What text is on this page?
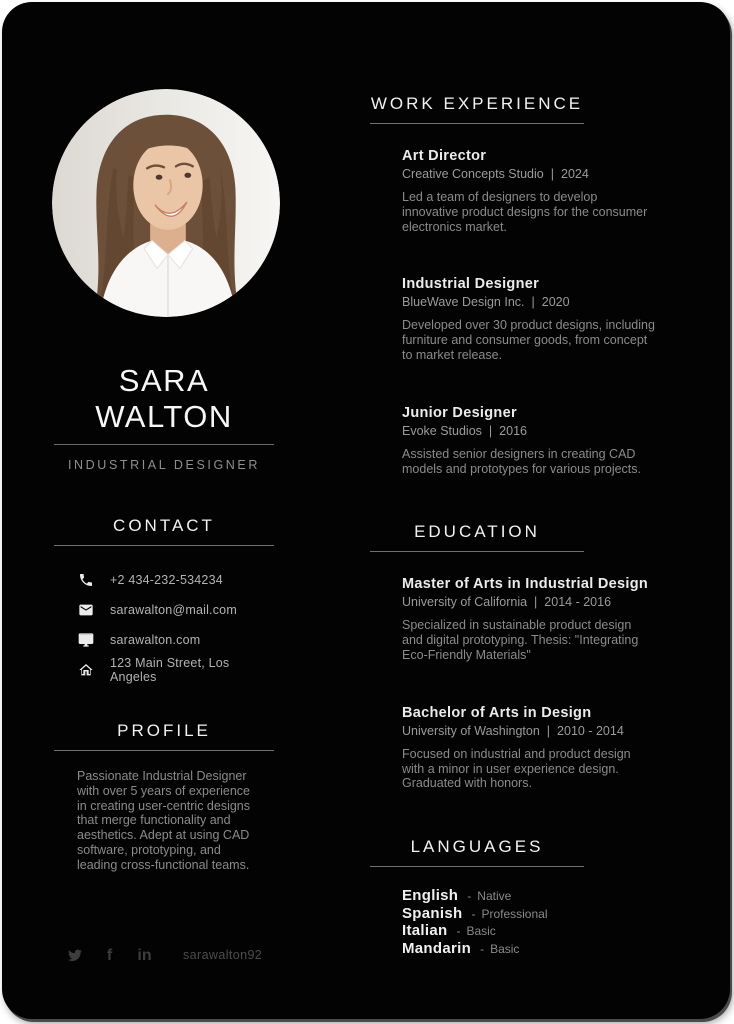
SARA
WALTON
INDUSTRIAL DESIGNER
CONTACT
+2 434-232-534234
sarawalton@mail.com
sarawalton.com
123 Main Street, Los Angeles
PROFILE
Passionate Industrial Designer with over 5 years of experience in creating user-centric designs that merge functionality and aesthetics. Adept at using CAD software, prototyping, and leading cross-functional teams.
f	in	sarawalton92
WORK EXPERIENCE
Art Director
Creative Concepts Studio | 2024
Led a team of designers to develop innovative product designs for the consumer electronics market.
Industrial Designer
BlueWave Design Inc. | 2020
Developed over 30 product designs, including furniture and consumer goods, from concept to market release.
Junior Designer
Evoke Studios | 2016
Assisted senior designers in creating CAD models and prototypes for various projects.
EDUCATION
Master of Arts in Industrial Design
University of California | 2014 - 2016
Specialized in sustainable product design and digital prototyping. Thesis: "Integrating Eco-Friendly Materials"
Bachelor of Arts in Design
University of Washington | 2010 - 2014
Focused on industrial and product design with a minor in user experience design. Graduated with honors.
LANGUAGES
English - Native
Spanish - Professional
Italian - Basic
Mandarin - Basic
